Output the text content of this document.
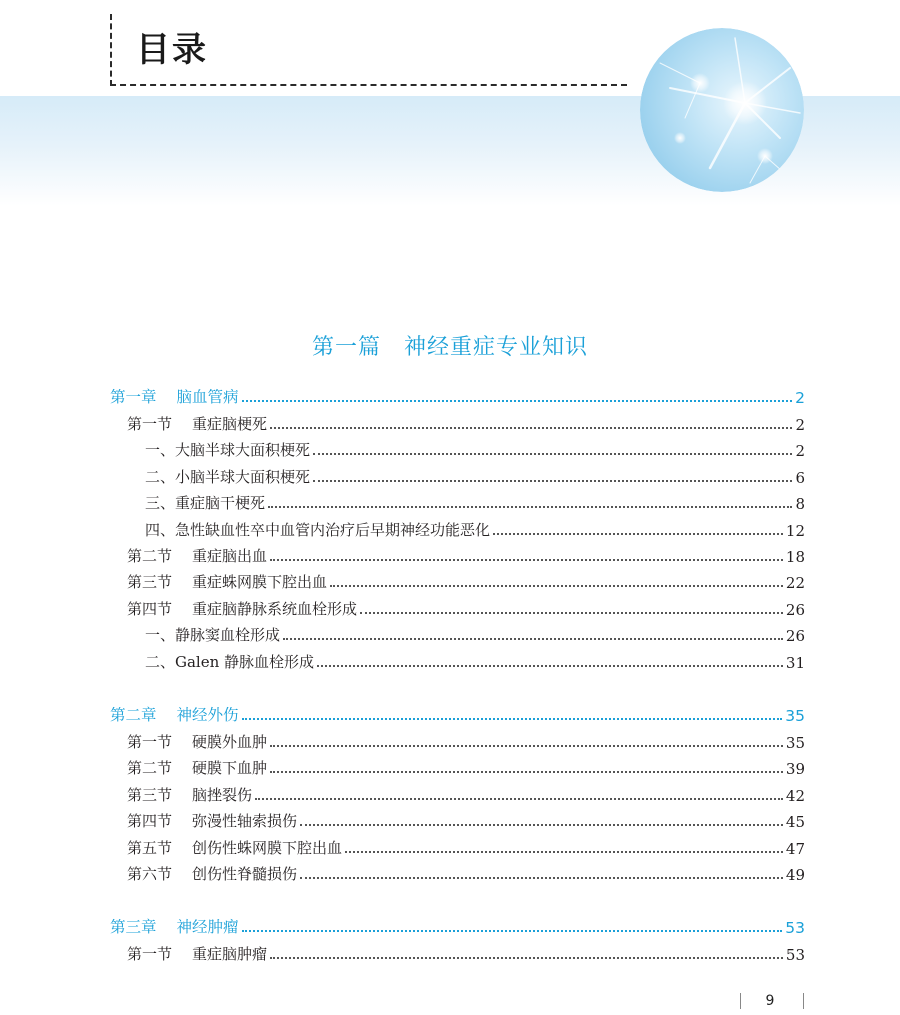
目录
第一篇　神经重症专业知识
第一章 脑血管病	2
第一节 重症脑梗死	2
一、大脑半球大面积梗死	2
二、小脑半球大面积梗死	6
三、重症脑干梗死	8
四、急性缺血性卒中血管内治疗后早期神经功能恶化	12
第二节 重症脑出血	18
第三节 重症蛛网膜下腔出血	22
第四节 重症脑静脉系统血栓形成	26
一、静脉窦血栓形成	26
二、Galen 静脉血栓形成	31
第二章 神经外伤	35
第一节 硬膜外血肿	35
第二节 硬膜下血肿	39
第三节 脑挫裂伤	42
第四节 弥漫性轴索损伤	45
第五节 创伤性蛛网膜下腔出血	47
第六节 创伤性脊髓损伤	49
第三章 神经肿瘤	53
第一节 重症脑肿瘤	53
9
